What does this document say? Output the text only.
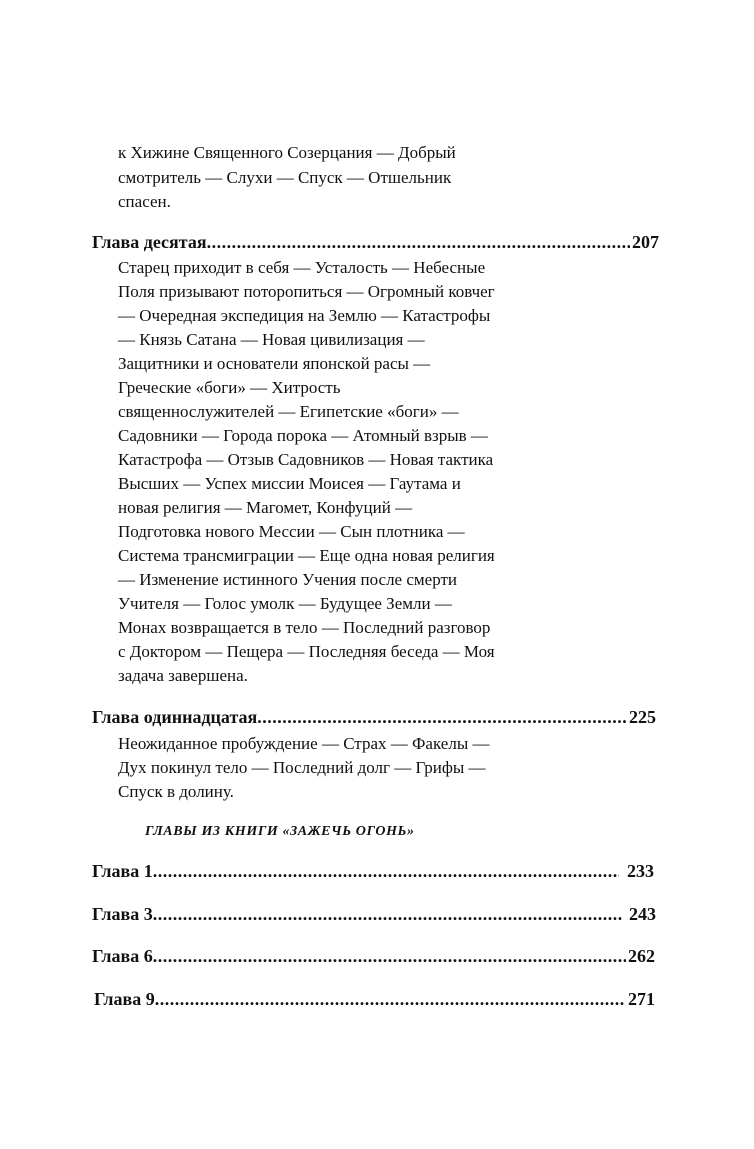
к Хижине Священного Созерцания — Добрый
смотритель — Слухи — Спуск — Отшельник
спасен.
Глава десятая .....	207
Старец приходит в себя — Усталость — Небесные
Поля призывают поторопиться — Огромный ковчег
— Очередная экспедиция на Землю — Катастрофы
— Князь Сатана — Новая цивилизация —
Защитники и основатели японской расы —
Греческие «боги» — Хитрость
священнослужителей — Египетские «боги» —
Садовники — Города порока — Атомный взрыв —
Катастрофа — Отзыв Садовников — Новая тактика
Высших — Успех миссии Моисея — Гаутама и
новая религия — Магомет, Конфуций —
Подготовка нового Мессии — Сын плотника —
Система трансмиграции — Еще одна новая религия
— Изменение истинного Учения после смерти
Учителя — Голос умолк — Будущее Земли —
Монах возвращается в тело — Последний разговор
с Доктором — Пещера — Последняя беседа — Моя
задача завершена.
Глава одиннадцатая .....	225
Неожиданное пробуждение — Страх — Факелы —
Дух покинул тело — Последний долг — Грифы —
Спуск в долину.
ГЛАВЫ ИЗ КНИГИ «ЗАЖЕЧЬ ОГОНЬ»
Глава 1 .....	233
Глава 3 .....	243
Глава 6 .....	262
Глава 9 .....	271
